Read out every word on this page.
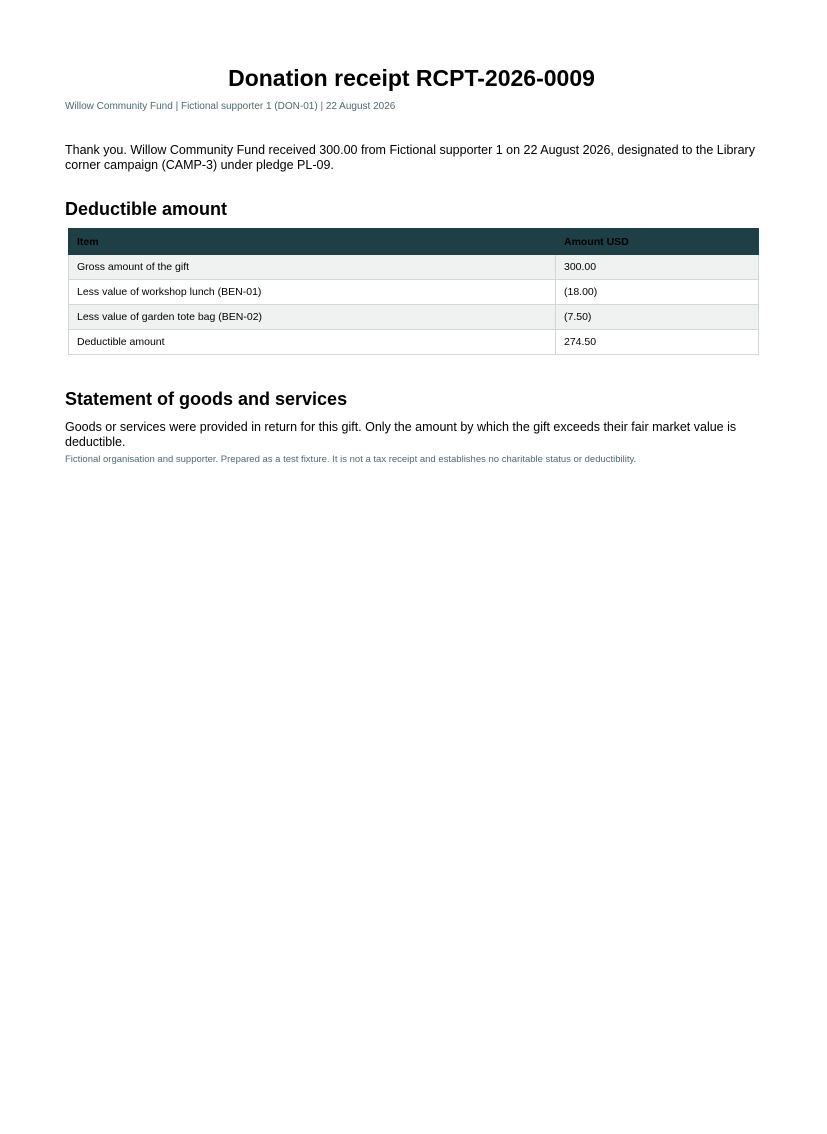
Donation receipt RCPT-2026-0009
Willow Community Fund | Fictional supporter 1 (DON-01) | 22 August 2026

Thank you. Willow Community Fund received 300.00 from Fictional supporter 1 on 22 August 2026, designated to the Library corner campaign (CAMP-3) under pledge PL-09.

Deductible amount
Item	Amount USD
Gross amount of the gift	300.00
Less value of workshop lunch (BEN-01)	(18.00)
Less value of garden tote bag (BEN-02)	(7.50)
Deductible amount	274.50
Statement of goods and services

Goods or services were provided in return for this gift. Only the amount by which the gift exceeds their fair market value is deductible.

Fictional organisation and supporter. Prepared as a test fixture. It is not a tax receipt and establishes no charitable status or deductibility.
